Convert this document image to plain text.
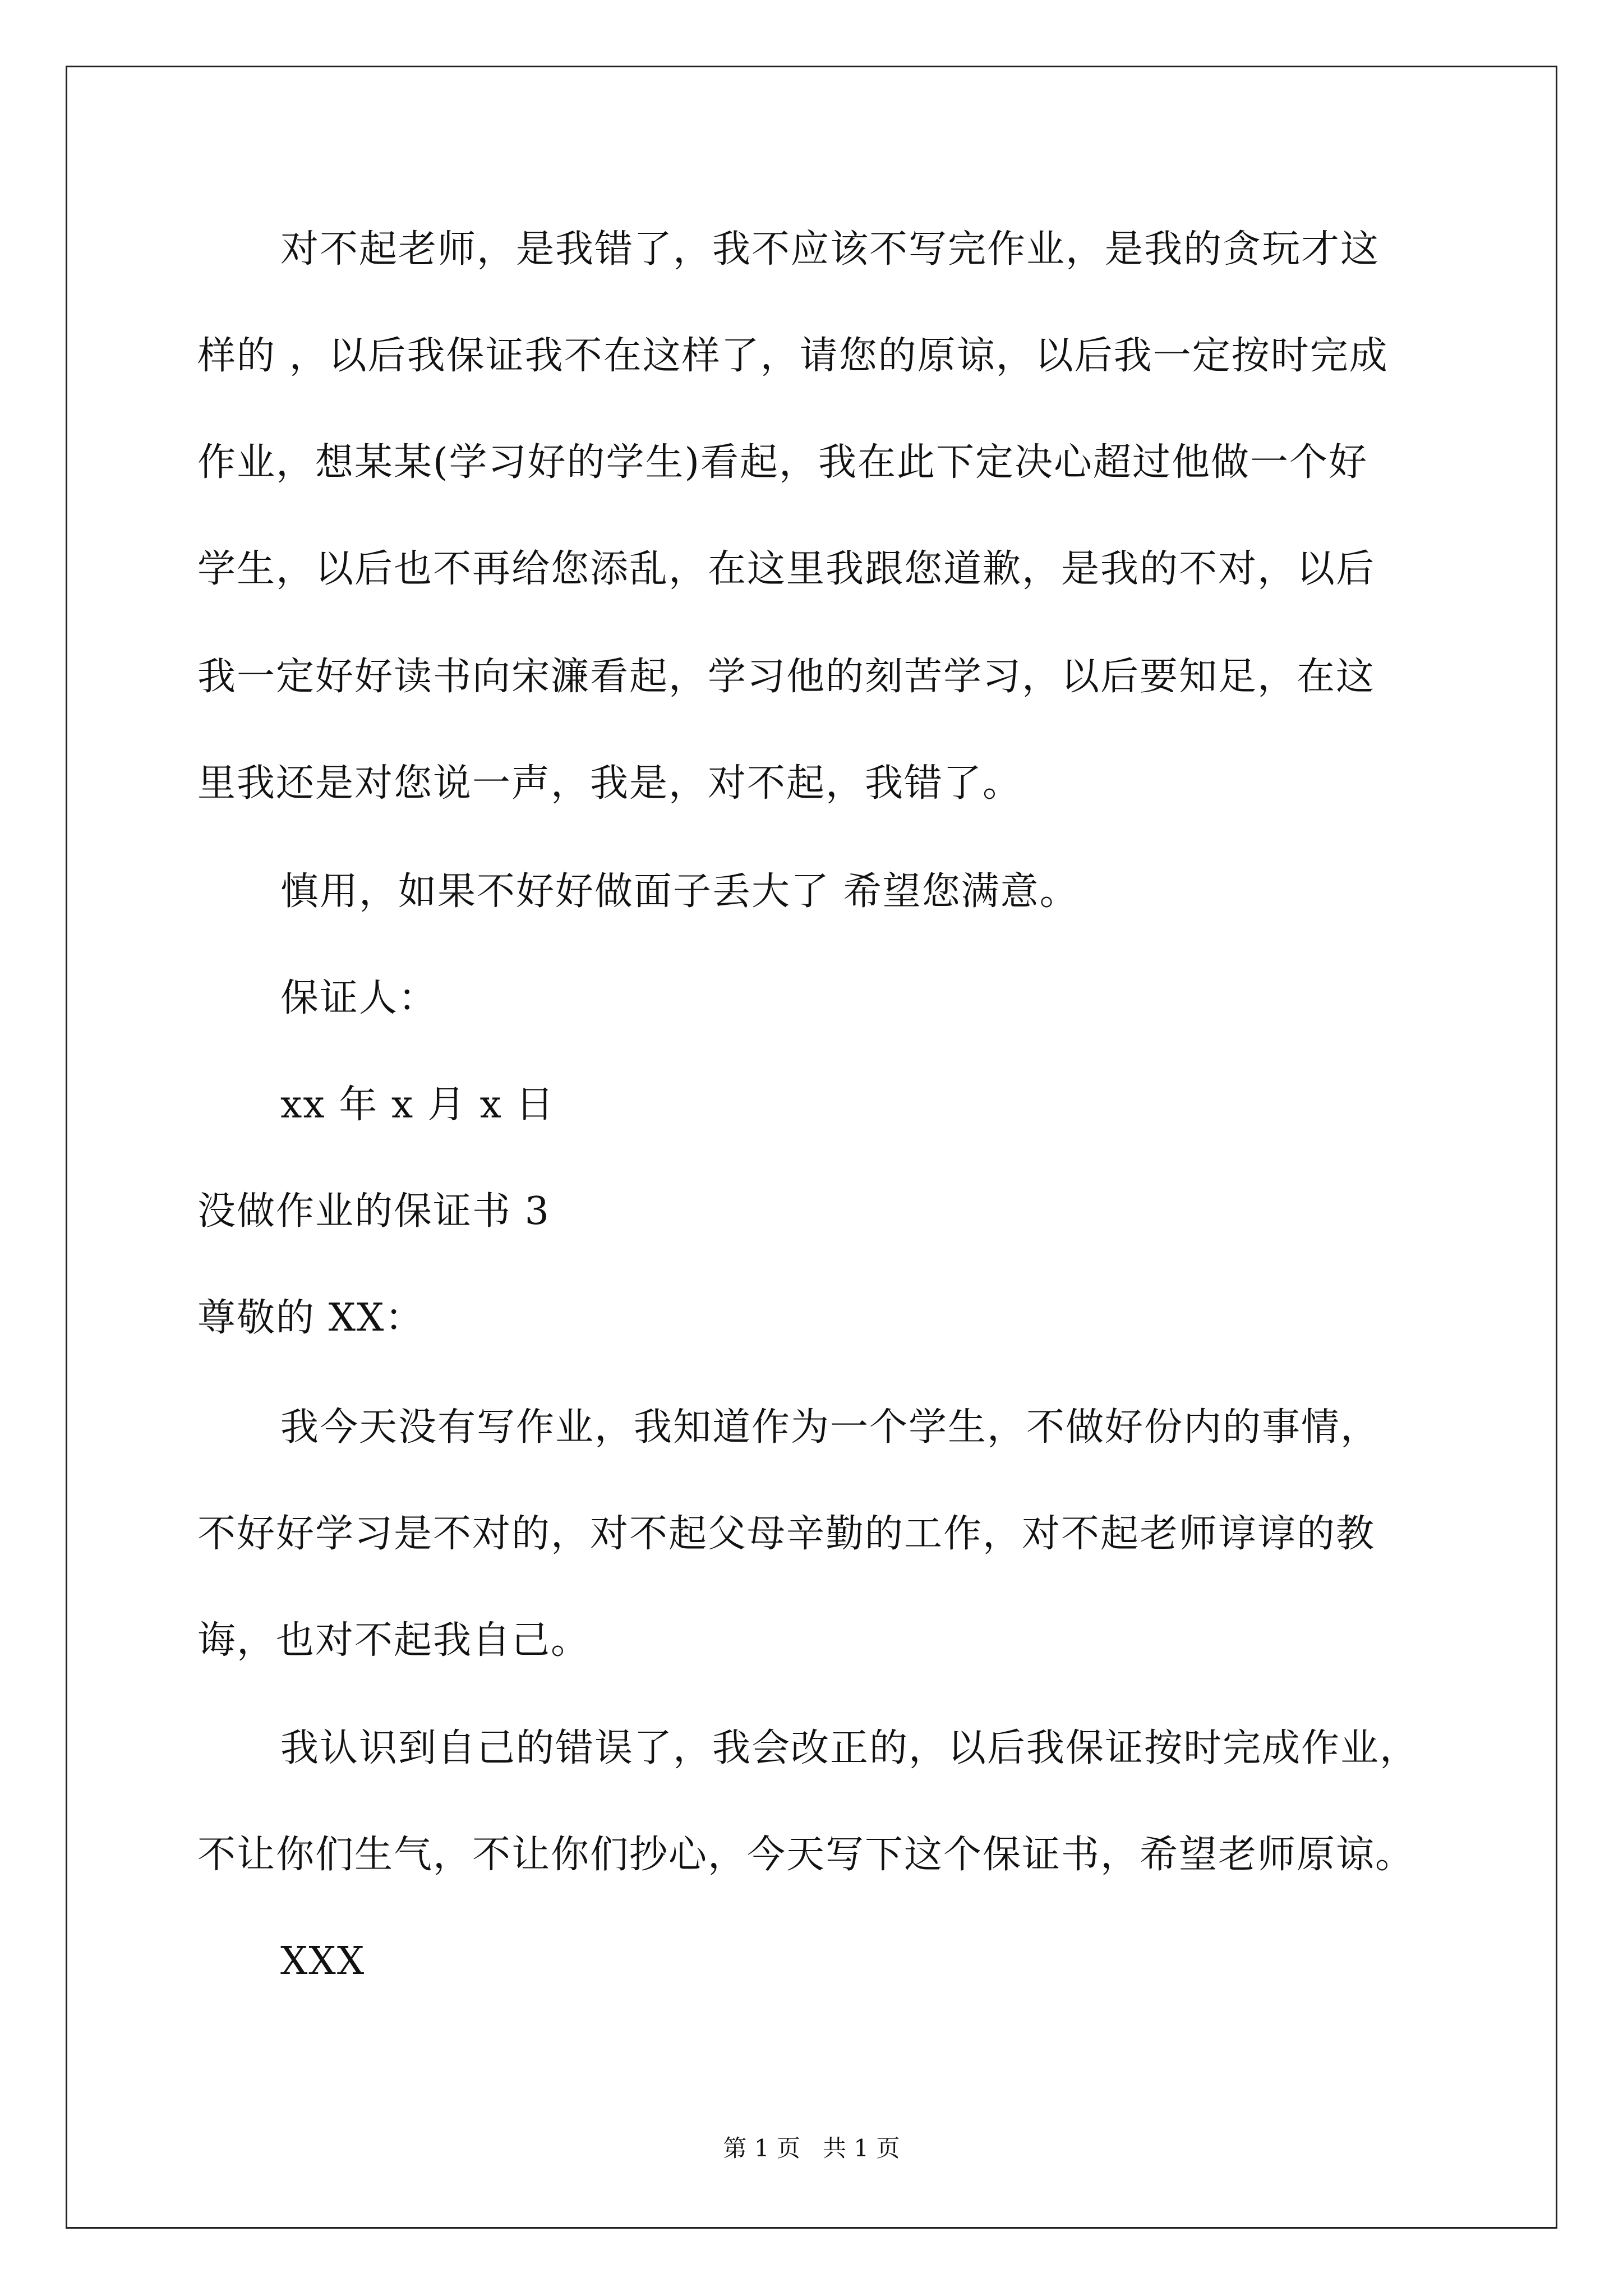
对不起老师，是我错了，我不应该不写完作业，是我的贪玩才这
样的 ，以后我保证我不在这样了，请您的原谅，以后我一定按时完成
作业，想某某(学习好的学生)看起，我在此下定决心超过他做一个好
学生，以后也不再给您添乱，在这里我跟您道歉，是我的不对，以后
我一定好好读书向宋濂看起，学习他的刻苦学习，以后要知足，在这
里我还是对您说一声，我是，对不起，我错了。
慎用，如果不好好做面子丢大了 希望您满意。
保证人：
xx 年 x 月 x 日
没做作业的保证书 3
尊敬的 XX：
我今天没有写作业，我知道作为一个学生，不做好份内的事情，
不好好学习是不对的，对不起父母辛勤的工作，对不起老师谆谆的教
诲，也对不起我自己。
我认识到自己的错误了，我会改正的，以后我保证按时完成作业，
不让你们生气，不让你们抄心，今天写下这个保证书，希望老师原谅。
XXX
第 1 页   共 1 页
